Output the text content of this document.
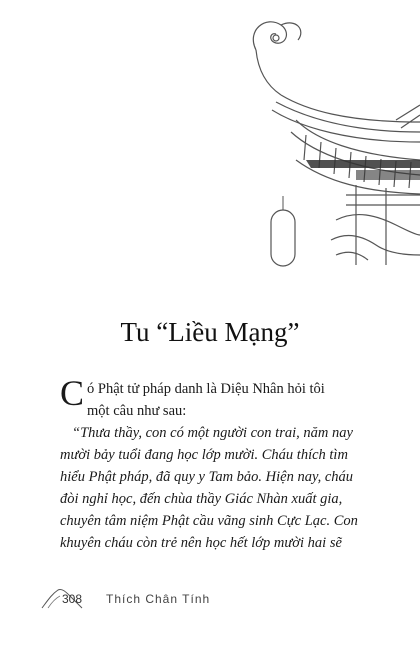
Tu “Liều Mạng”

C ó Phật tử pháp danh là Diệu Nhân hỏi tôi
một câu như sau:

“Thưa thầy, con có một người con trai, năm nay
mười bảy tuổi đang học lớp mười. Cháu thích tìm
hiểu Phật pháp, đã quy y Tam bảo. Hiện nay, cháu
đòi nghỉ học, đến chùa thầy Giác Nhàn xuất gia,
chuyên tâm niệm Phật cầu vãng sinh Cực Lạc. Con
khuyên cháu còn trẻ nên học hết lớp mười hai sẽ

308 Thích Chân Tính
